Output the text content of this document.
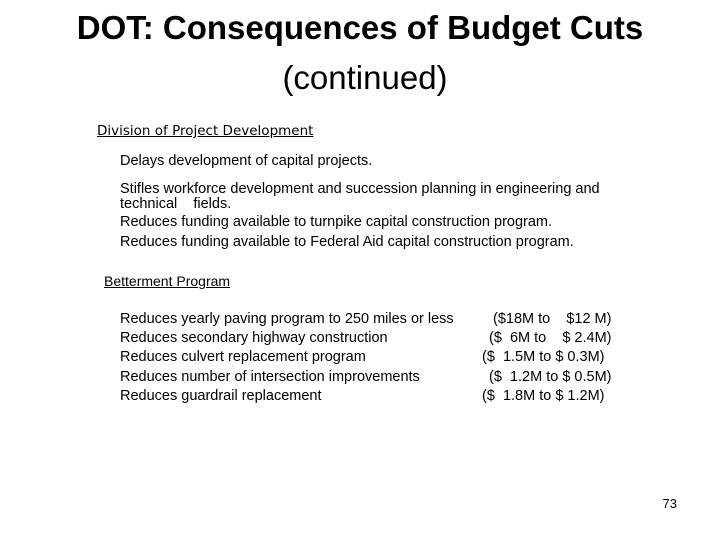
DOT: Consequences of Budget Cuts
(continued)
Division of Project Development
Delays development of capital projects.
Stifles workforce development and succession planning in engineering and
technical    fields.
Reduces funding available to turnpike capital construction program.
Reduces funding available to Federal Aid capital construction program.
Betterment Program
Reduces yearly paving program to 250 miles or less	($18M to    $12 M)
Reduces secondary highway construction	($  6M to    $ 2.4M)
Reduces culvert replacement program	($  1.5M to $ 0.3M)
Reduces number of intersection improvements	($  1.2M to $ 0.5M)
Reduces guardrail replacement	($  1.8M to $ 1.2M)
73
